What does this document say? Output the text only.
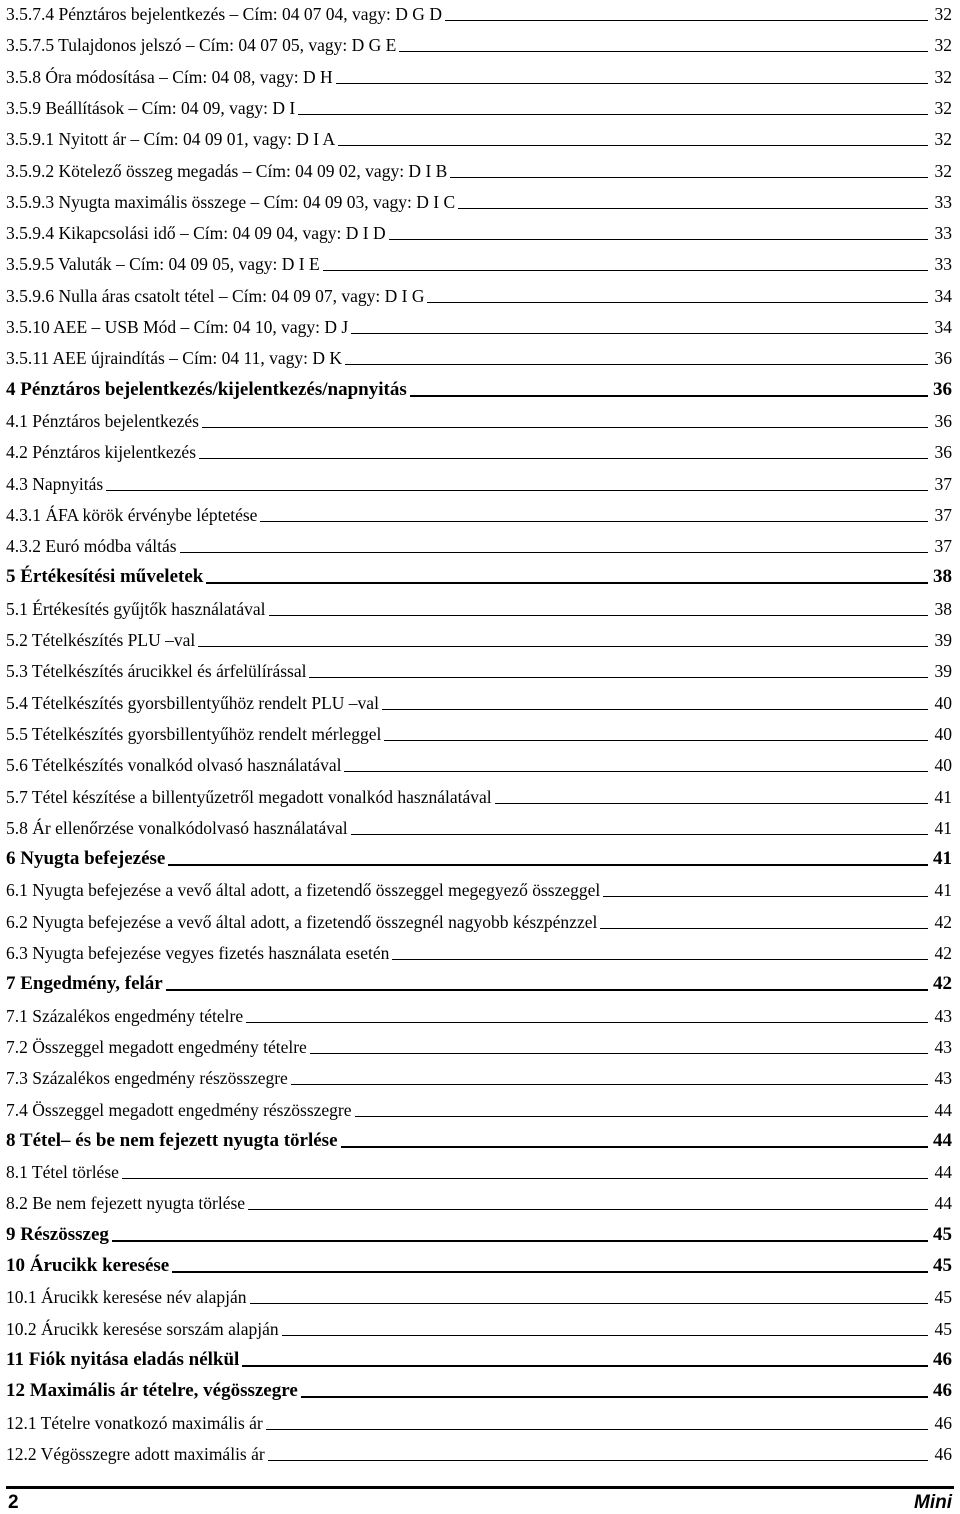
3.5.7.4 Pénztáros bejelentkezés – Cím: 04 07 04, vagy: D G D	32
3.5.7.5 Tulajdonos jelszó – Cím: 04 07 05, vagy: D G E	32
3.5.8 Óra módosítása – Cím: 04 08, vagy: D H	32
3.5.9 Beállítások – Cím: 04 09, vagy: D I	32
3.5.9.1 Nyitott ár – Cím: 04 09 01, vagy: D I A	32
3.5.9.2 Kötelező összeg megadás – Cím: 04 09 02, vagy: D I B	32
3.5.9.3 Nyugta maximális összege – Cím: 04 09 03, vagy: D I C	33
3.5.9.4 Kikapcsolási idő – Cím: 04 09 04, vagy: D I D	33
3.5.9.5 Valuták – Cím: 04 09 05, vagy: D I E	33
3.5.9.6 Nulla áras csatolt tétel – Cím: 04 09 07, vagy: D I G	34
3.5.10 AEE – USB Mód – Cím: 04 10, vagy: D J	34
3.5.11 AEE újraindítás – Cím: 04 11, vagy: D K	36
4 Pénztáros bejelentkezés/kijelentkezés/napnyitás	36
4.1 Pénztáros bejelentkezés	36
4.2 Pénztáros kijelentkezés	36
4.3 Napnyitás	37
4.3.1 ÁFA körök érvénybe léptetése	37
4.3.2 Euró módba váltás	37
5 Értékesítési műveletek	38
5.1 Értékesítés gyűjtők használatával	38
5.2 Tételkészítés PLU –val	39
5.3 Tételkészítés árucikkel és árfelülírással	39
5.4 Tételkészítés gyorsbillentyűhöz rendelt PLU –val	40
5.5 Tételkészítés gyorsbillentyűhöz rendelt mérleggel	40
5.6 Tételkészítés vonalkód olvasó használatával	40
5.7 Tétel készítése a billentyűzetről megadott vonalkód használatával	41
5.8 Ár ellenőrzése vonalkódolvasó használatával	41
6 Nyugta befejezése	41
6.1 Nyugta befejezése a vevő által adott, a fizetendő összeggel megegyező összeggel	41
6.2 Nyugta befejezése a vevő által adott, a fizetendő összegnél nagyobb készpénzzel	42
6.3 Nyugta befejezése vegyes fizetés használata esetén	42
7 Engedmény, felár	42
7.1 Százalékos engedmény tételre	43
7.2 Összeggel megadott engedmény tételre	43
7.3 Százalékos engedmény részösszegre	43
7.4 Összeggel megadott engedmény részösszegre	44
8 Tétel– és be nem fejezett nyugta törlése	44
8.1 Tétel törlése	44
8.2 Be nem fejezett nyugta törlése	44
9 Részösszeg	45
10 Árucikk keresése	45
10.1 Árucikk keresése név alapján	45
10.2 Árucikk keresése sorszám alapján	45
11 Fiók nyitása eladás nélkül	46
12 Maximális ár tételre, végösszegre	46
12.1 Tételre vonatkozó maximális ár	46
12.2 Végösszegre adott maximális ár	46
2	Mini
